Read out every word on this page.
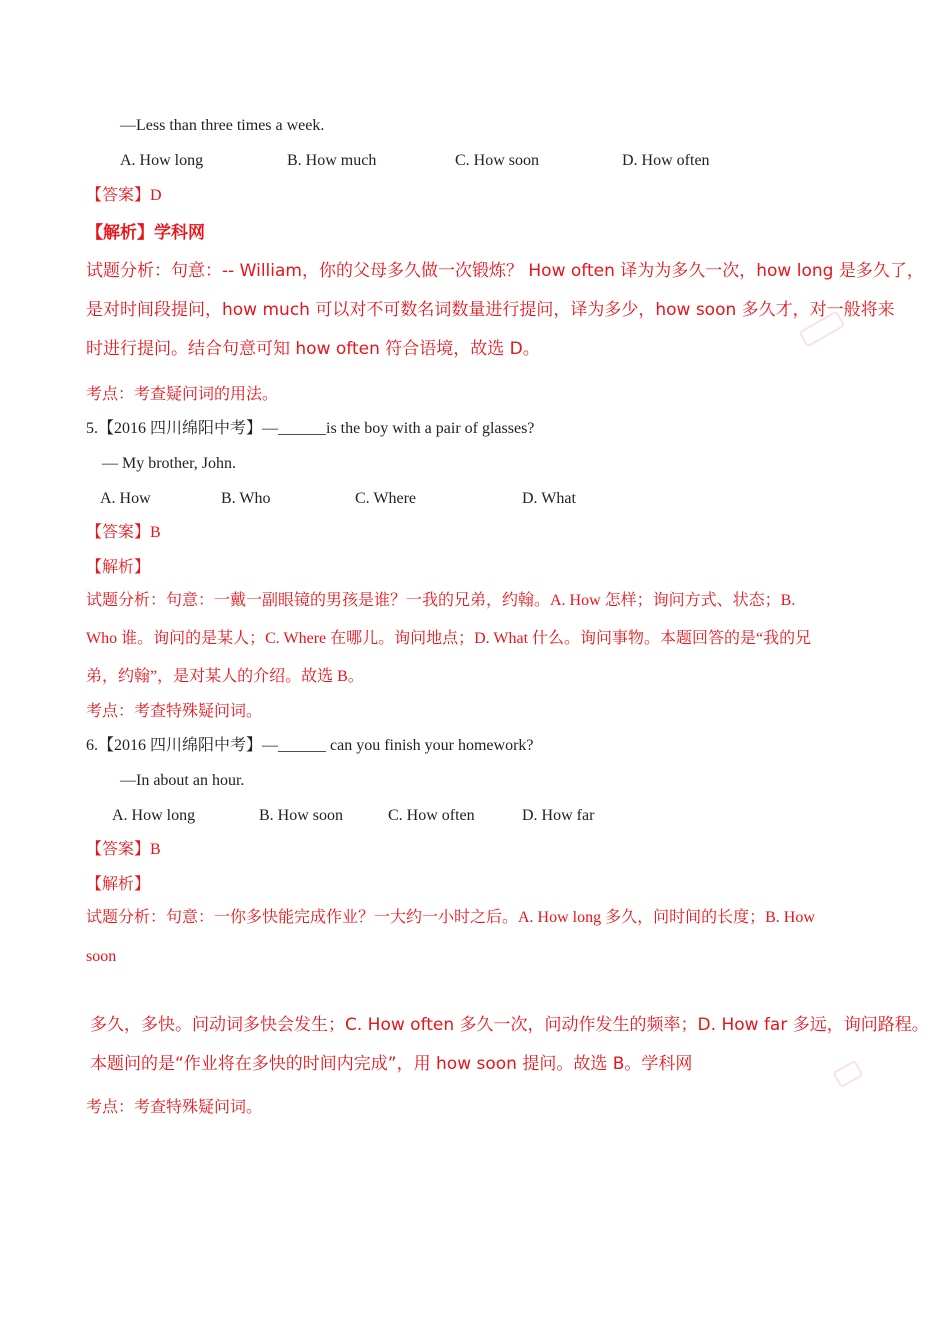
—Less than three times a week.
A. How long	B. How much	C. How soon	D. How often
【答案】D
【解析】学科网
试题分析：句意：-- William，你的父母多久做一次锻炼？ How often 译为为多久一次，how long 是多久了，
是对时间段提问，how much 可以对不可数名词数量进行提问，译为多少，how soon 多久才，对一般将来
时进行提问。结合句意可知 how often 符合语境，故选 D。
考点：考查疑问词的用法。
5.【2016 四川绵阳中考】—______is the boy with a pair of glasses?
— My brother, John.
A. How	B. Who	C. Where	D. What
【答案】B
【解析】
试题分析：句意：一戴一副眼镜的男孩是谁？一我的兄弟，约翰。A. How 怎样；询问方式、状态；B.
Who 谁。询问的是某人；C. Where 在哪儿。询问地点；D. What 什么。询问事物。本题回答的是“我的兄
弟，约翰”，是对某人的介绍。故选 B。
考点：考查特殊疑问词。
6.【2016 四川绵阳中考】—______ can you finish your homework?
—In about an hour.
A. How long	B. How soon	C. How often	D. How far
【答案】B
【解析】
试题分析：句意：一你多快能完成作业？一大约一小时之后。A. How long 多久，问时间的长度；B. How
soon
多久，多快。问动词多快会发生；C. How often 多久一次，问动作发生的频率；D. How far 多远，询问路程。
本题问的是“作业将在多快的时间内完成”，用 how soon 提问。故选 B。学科网
考点：考查特殊疑问词。
